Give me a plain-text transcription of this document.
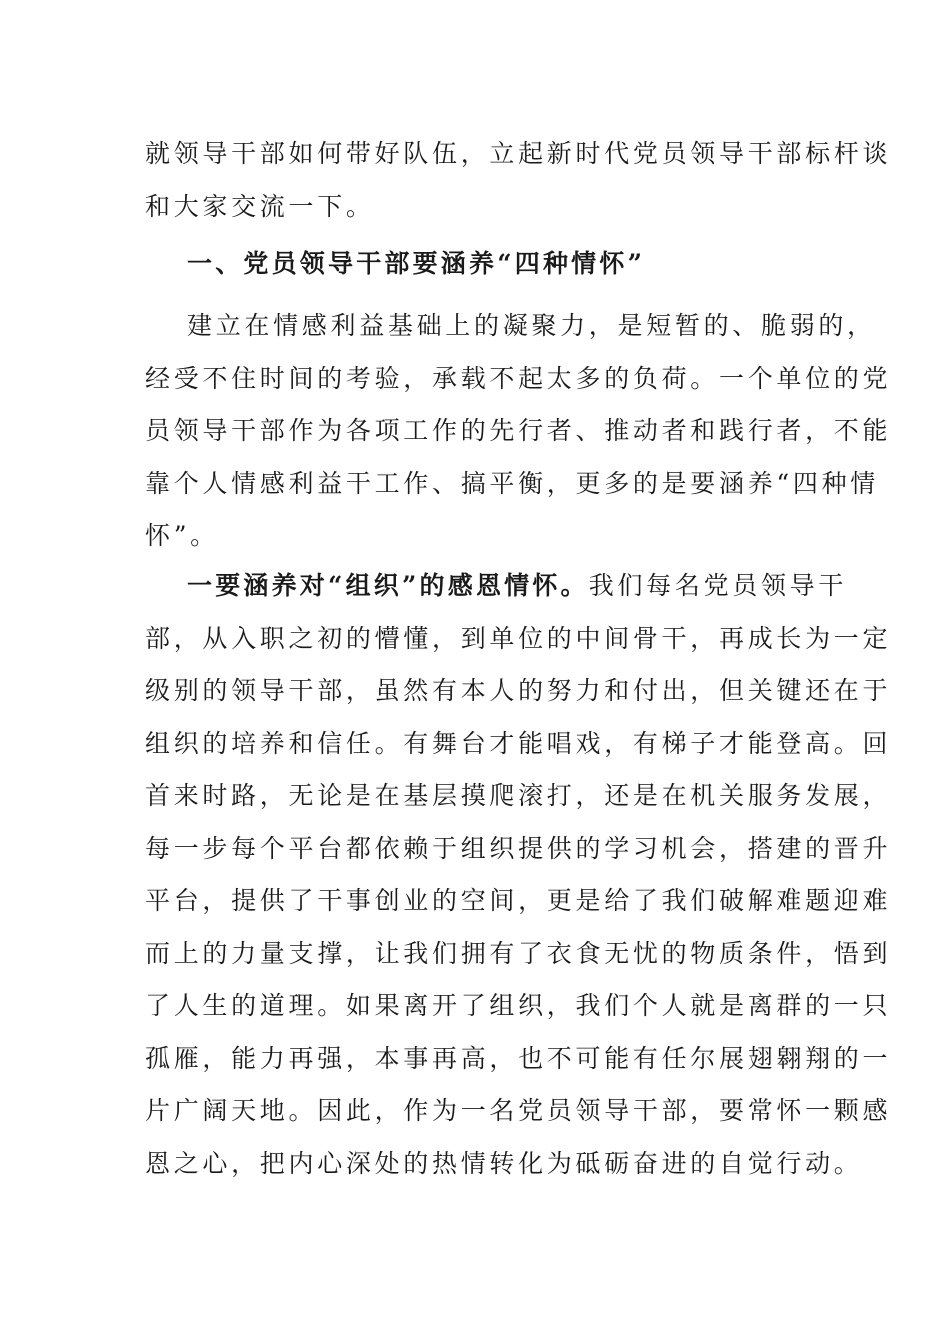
就领导干部如何带好队伍，立起新时代党员领导干部标杆谈
和大家交流一下。
一、党员领导干部要涵养“四种情怀”
建立在情感利益基础上的凝聚力，是短暂的、脆弱的，
经受不住时间的考验，承载不起太多的负荷。一个单位的党
员领导干部作为各项工作的先行者、推动者和践行者，不能
靠个人情感利益干工作、搞平衡，更多的是要涵养“四种情
怀”。
一要涵养对“组织”的感恩情怀。我们每名党员领导干
部，从入职之初的懵懂，到单位的中间骨干，再成长为一定
级别的领导干部，虽然有本人的努力和付出，但关键还在于
组织的培养和信任。有舞台才能唱戏，有梯子才能登高。回
首来时路，无论是在基层摸爬滚打，还是在机关服务发展，
每一步每个平台都依赖于组织提供的学习机会，搭建的晋升
平台，提供了干事创业的空间，更是给了我们破解难题迎难
而上的力量支撑，让我们拥有了衣食无忧的物质条件，悟到
了人生的道理。如果离开了组织，我们个人就是离群的一只
孤雁，能力再强，本事再高，也不可能有任尔展翅翱翔的一
片广阔天地。因此，作为一名党员领导干部，要常怀一颗感
恩之心，把内心深处的热情转化为砥砺奋进的自觉行动。
